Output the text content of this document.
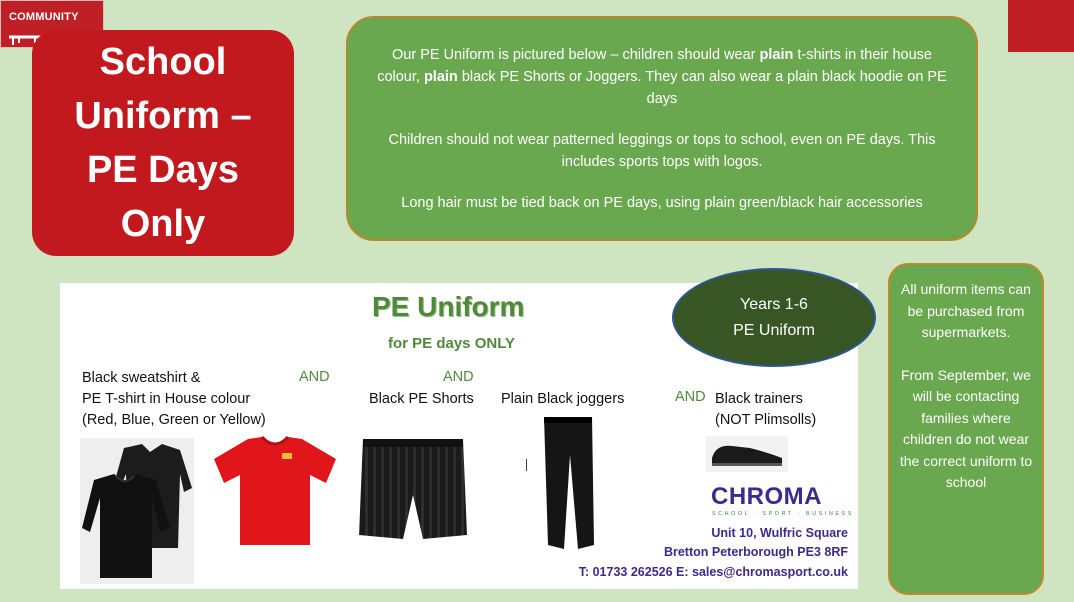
COMMUNITY
School
Uniform –
PE Days
Only

Our PE Uniform is pictured below – children should wear plain t-shirts in their house colour, plain black PE Shorts or Joggers. They can also wear a plain black hoodie on PE days

Children should not wear patterned leggings or tops to school, even on PE days. This includes sports tops with logos.

Long hair must be tied back on PE days, using plain green/black hair accessories

PE Uniform
for PE days ONLY
Black sweatshirt &
PE T-shirt in House colour
(Red, Blue, Green or Yellow)
AND	AND
Black PE Shorts Plain Black joggers	AND Black trainers
(NOT Plimsolls)
CHROMA
SCHOOL · SPORT · BUSINESS
Unit 10, Wulfric Square
Bretton Peterborough PE3 8RF
T: 01733 262526 E: sales@chromasport.co.uk
Years 1-6
PE Uniform

All uniform items can be purchased from supermarkets.

From September, we will be contacting families where children do not wear the correct uniform to school
